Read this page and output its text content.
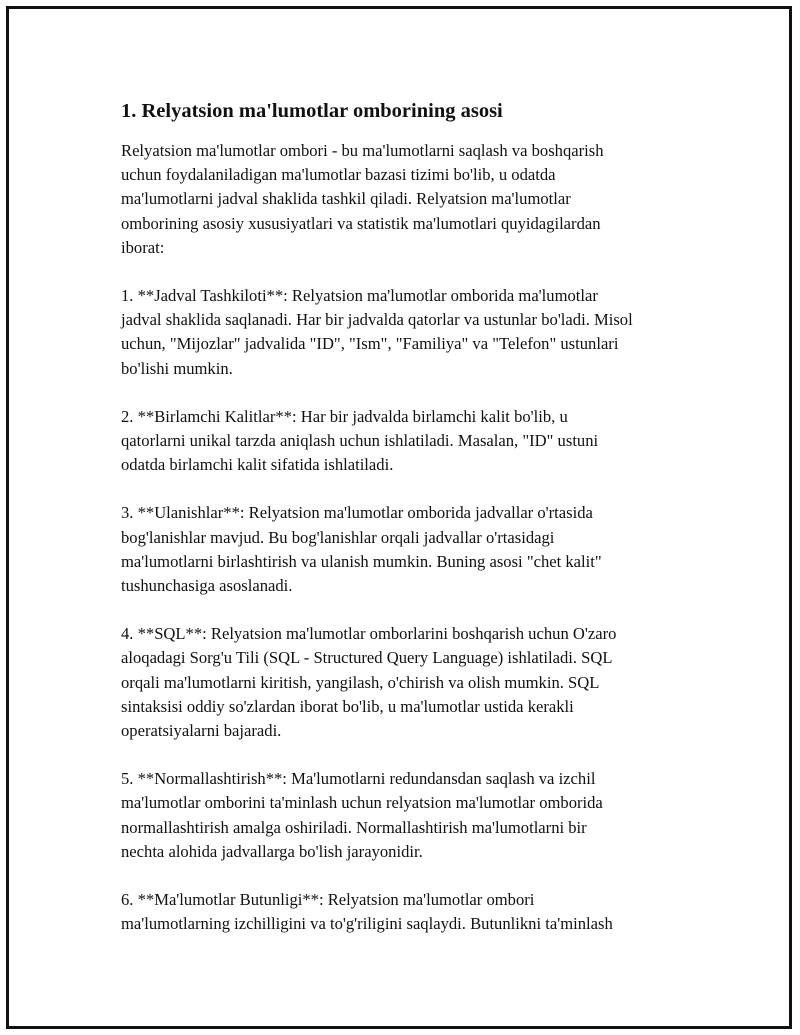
1. Relyatsion ma'lumotlar omborining asosi

Relyatsion ma'lumotlar ombori - bu ma'lumotlarni saqlash va boshqarish
uchun foydalaniladigan ma'lumotlar bazasi tizimi bo'lib, u odatda
ma'lumotlarni jadval shaklida tashkil qiladi. Relyatsion ma'lumotlar
omborining asosiy xususiyatlari va statistik ma'lumotlari quyidagilardan
iborat:

1. **Jadval Tashkiloti**: Relyatsion ma'lumotlar omborida ma'lumotlar
jadval shaklida saqlanadi. Har bir jadvalda qatorlar va ustunlar bo'ladi. Misol
uchun, "Mijozlar" jadvalida "ID", "Ism", "Familiya" va "Telefon" ustunlari
bo'lishi mumkin.

2. **Birlamchi Kalitlar**: Har bir jadvalda birlamchi kalit bo'lib, u
qatorlarni unikal tarzda aniqlash uchun ishlatiladi. Masalan, "ID" ustuni
odatda birlamchi kalit sifatida ishlatiladi.

3. **Ulanishlar**: Relyatsion ma'lumotlar omborida jadvallar o'rtasida
bog'lanishlar mavjud. Bu bog'lanishlar orqali jadvallar o'rtasidagi
ma'lumotlarni birlashtirish va ulanish mumkin. Buning asosi "chet kalit"
tushunchasiga asoslanadi.

4. **SQL**: Relyatsion ma'lumotlar omborlarini boshqarish uchun O'zaro
aloqadagi Sorg'u Tili (SQL - Structured Query Language) ishlatiladi. SQL
orqali ma'lumotlarni kiritish, yangilash, o'chirish va olish mumkin. SQL
sintaksisi oddiy so'zlardan iborat bo'lib, u ma'lumotlar ustida kerakli
operatsiyalarni bajaradi.

5. **Normallashtirish**: Ma'lumotlarni redundansdan saqlash va izchil
ma'lumotlar omborini ta'minlash uchun relyatsion ma'lumotlar omborida
normallashtirish amalga oshiriladi. Normallashtirish ma'lumotlarni bir
nechta alohida jadvallarga bo'lish jarayonidir.

6. **Ma'lumotlar Butunligi**: Relyatsion ma'lumotlar ombori
ma'lumotlarning izchilligini va to'g'riligini saqlaydi. Butunlikni ta'minlash
